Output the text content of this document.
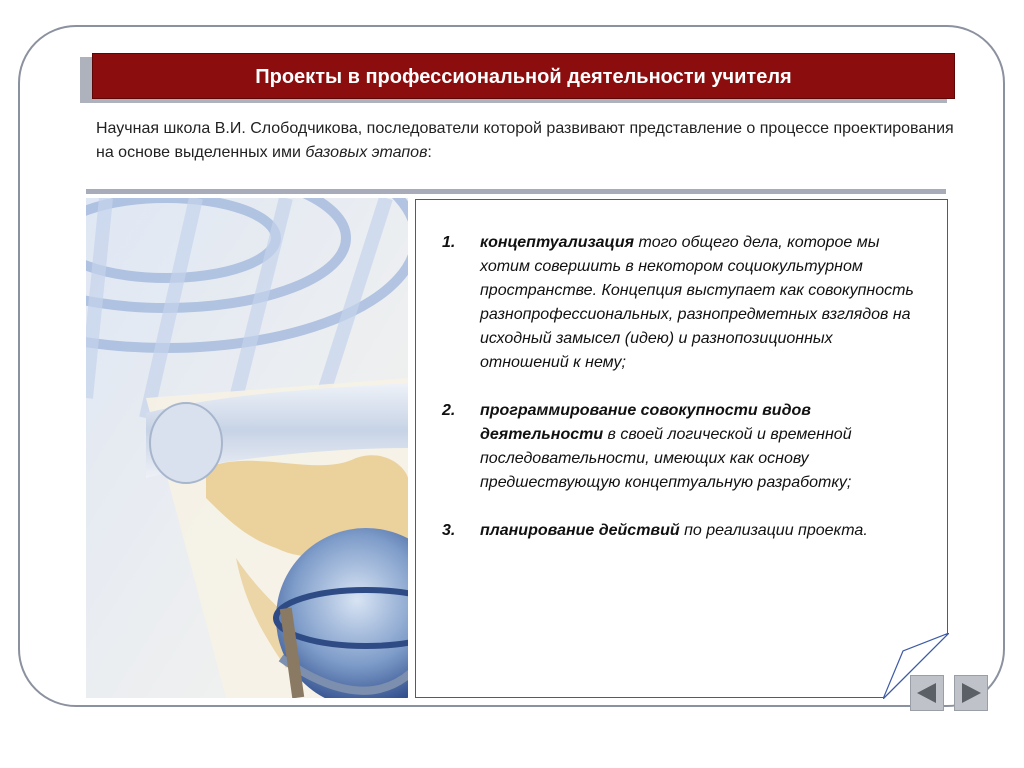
Проекты в профессиональной деятельности учителя
Научная школа В.И. Слободчикова, последователи которой развивают представление о процессе проектирования на основе выделенных ими базовых этапов:
1.	концептуализация того общего дела, которое мы хотим совершить в некотором социокультурном пространстве. Концепция выступает как совокупность разнопрофессиональных, разнопредметных взглядов на исходный замысел (идею) и разнопозиционных отношений к нему;
2.	программирование совокупности видов деятельности в своей логической и временной последовательности, имеющих как основу предшествующую концептуальную разработку;
3.	планирование действий по реализации проекта.
